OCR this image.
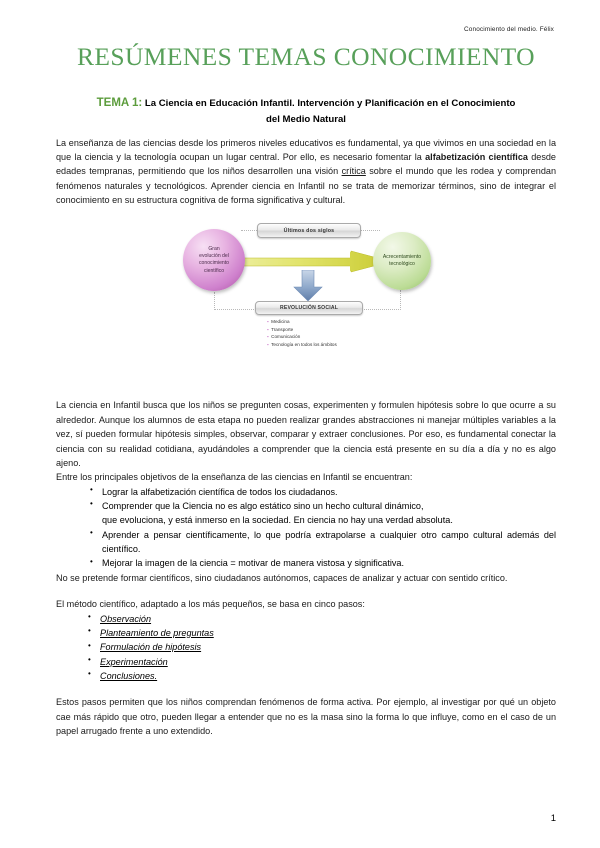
Conocimiento del medio. Félix
RESÚMENES TEMAS CONOCIMIENTO
TEMA 1: La Ciencia en Educación Infantil. Intervención y Planificación en el Conocimiento
del Medio Natural

La enseñanza de las ciencias desde los primeros niveles educativos es fundamental, ya que vivimos en una sociedad en la que la ciencia y la tecnología ocupan un lugar central. Por ello, es necesario fomentar la alfabetización científica desde edades tempranas, permitiendo que los niños desarrollen una visión crítica sobre el mundo que les rodea y comprendan fenómenos naturales y tecnológicos. Aprender ciencia en Infantil no se trata de memorizar términos, sino de integrar el conocimiento en su estructura cognitiva de forma significativa y cultural.

Últimos dos siglos
Gran
evolución del
conocimiento
científico
Acrecentamiento tecnológico
REVOLUCIÓN SOCIAL
▪ Medicina
▪ Transporte
▪ Comunicación
▪ Tecnología en todos los ámbitos

La ciencia en Infantil busca que los niños se pregunten cosas, experimenten y formulen hipótesis sobre lo que ocurre a su alrededor. Aunque los alumnos de esta etapa no pueden realizar grandes abstracciones ni manejar múltiples variables a la vez, sí pueden formular hipótesis simples, observar, comparar y extraer conclusiones. Por eso, es fundamental conectar la ciencia con su realidad cotidiana, ayudándoles a comprender que la ciencia está presente en su día a día y no es algo ajeno.

Entre los principales objetivos de la enseñanza de las ciencias en Infantil se encuentran:

• Lograr la alfabetización científica de todos los ciudadanos.
• Comprender que la Ciencia no es algo estático sino un hecho cultural dinámico,
que evoluciona, y está inmerso en la sociedad. En ciencia no hay una verdad absoluta.
• Aprender a pensar científicamente, lo que podría extrapolarse a cualquier otro campo cultural además del científico.
• Mejorar la imagen de la ciencia = motivar de manera vistosa y significativa.

No se pretende formar científicos, sino ciudadanos autónomos, capaces de analizar y actuar con sentido crítico.

El método científico, adaptado a los más pequeños, se basa en cinco pasos:

• Observación
• Planteamiento de preguntas
• Formulación de hipótesis
• Experimentación
• Conclusiones.

Estos pasos permiten que los niños comprendan fenómenos de forma activa. Por ejemplo, al investigar por qué un objeto cae más rápido que otro, pueden llegar a entender que no es la masa sino la forma lo que influye, como en el caso de un papel arrugado frente a uno extendido.

1
